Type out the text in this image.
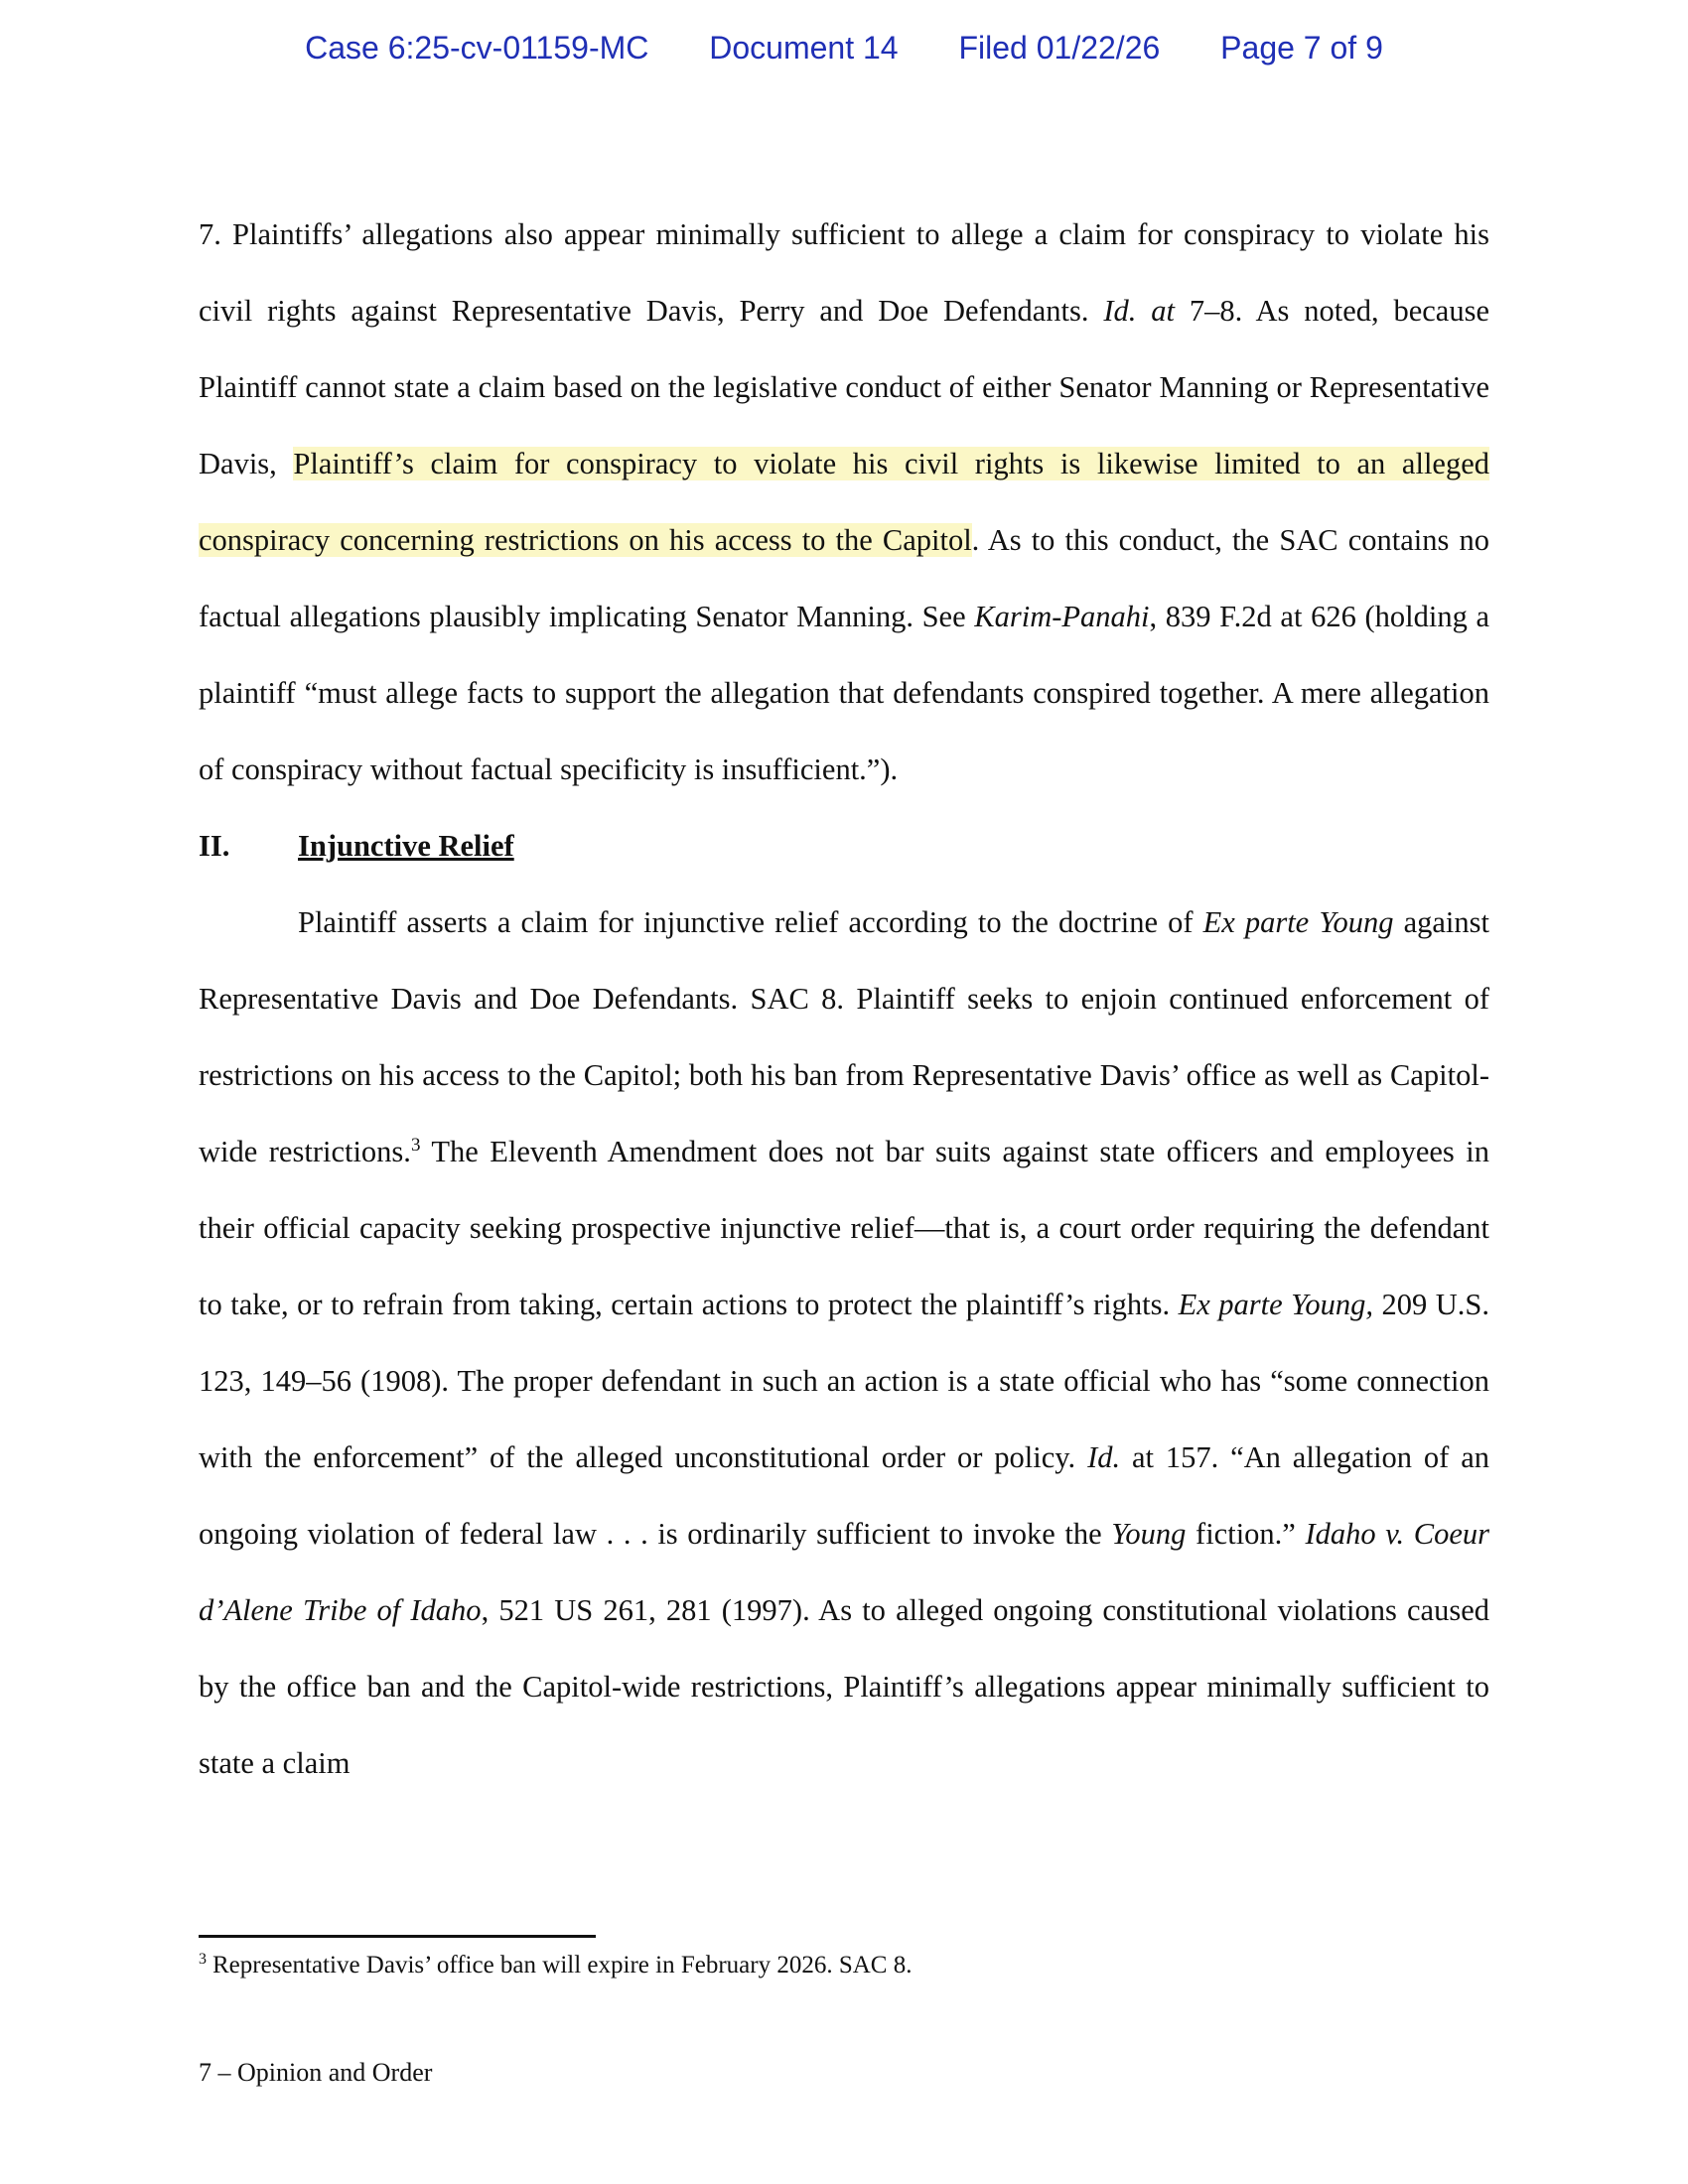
Case 6:25-cv-01159-MC Document 14 Filed 01/22/26 Page 7 of 9

7. Plaintiffs’ allegations also appear minimally sufficient to allege a claim for conspiracy to violate his civil rights against Representative Davis, Perry and Doe Defendants. Id. at 7–8. As noted, because Plaintiff cannot state a claim based on the legislative conduct of either Senator Manning or Representative Davis, Plaintiff’s claim for conspiracy to violate his civil rights is likewise limited to an alleged conspiracy concerning restrictions on his access to the Capitol. As to this conduct, the SAC contains no factual allegations plausibly implicating Senator Manning. See Karim-Panahi, 839 F.2d at 626 (holding a plaintiff “must allege facts to support the allegation that defendants conspired together. A mere allegation of conspiracy without factual specificity is insufficient.”).

II. Injunctive Relief

Plaintiff asserts a claim for injunctive relief according to the doctrine of Ex parte Young against Representative Davis and Doe Defendants. SAC 8. Plaintiff seeks to enjoin continued enforcement of restrictions on his access to the Capitol; both his ban from Representative Davis’ office as well as Capitol-wide restrictions.$^3$ The Eleventh Amendment does not bar suits against state officers and employees in their official capacity seeking prospective injunctive relief—that is, a court order requiring the defendant to take, or to refrain from taking, certain actions to protect the plaintiff’s rights. Ex parte Young, 209 U.S. 123, 149–56 (1908). The proper defendant in such an action is a state official who has “some connection with the enforcement” of the alleged unconstitutional order or policy. Id. at 157. “An allegation of an ongoing violation of federal law . . . is ordinarily sufficient to invoke the Young fiction.” Idaho v. Coeur d’Alene Tribe of Idaho, 521 US 261, 281 (1997). As to alleged ongoing constitutional violations caused by the office ban and the Capitol-wide restrictions, Plaintiff’s allegations appear minimally sufficient to state a claim

$^3$ Representative Davis’ office ban will expire in February 2026. SAC 8.
7 – Opinion and Order
